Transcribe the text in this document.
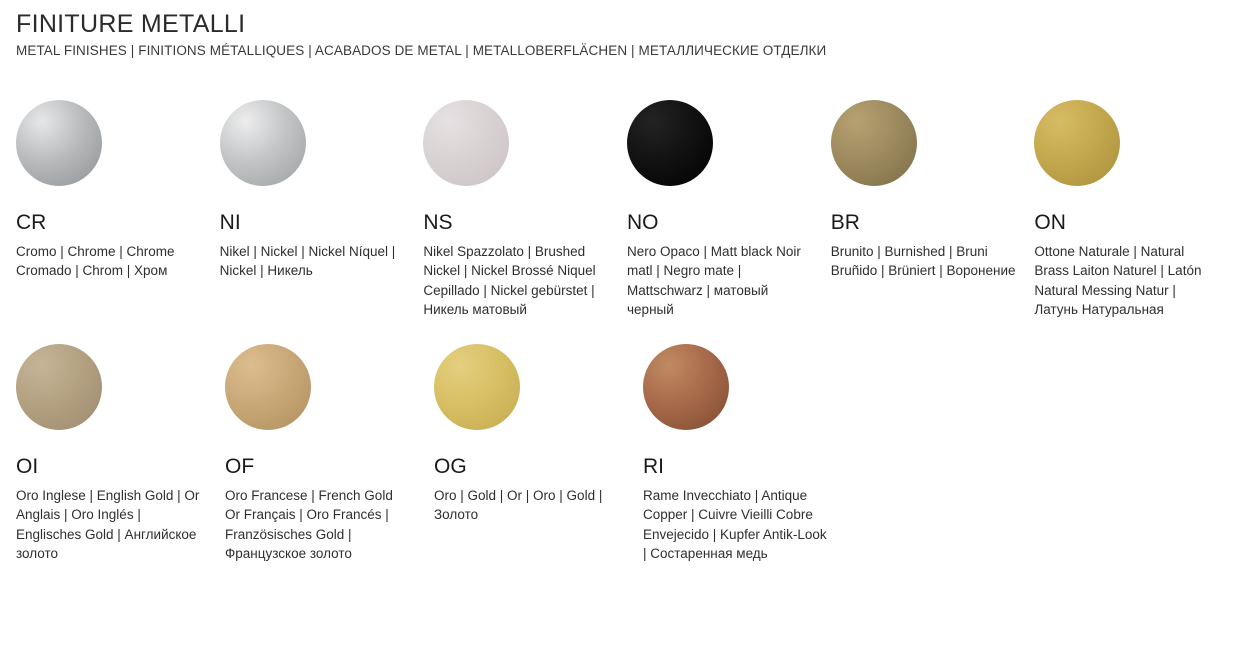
FINITURE METALLI

METAL FINISHES | FINITIONS MÉTALLIQUES | ACABADOS DE METAL | METALLOBERFLÄCHEN | МЕТАЛЛИЧЕСКИЕ ОТДЕЛКИ

CR
Cromo | Chrome | Chrome Cromado | Chrom | Хром
NI
Nikel | Nickel | Nickel Níquel | Nickel | Никель
NS
Nikel Spazzolato | Brushed Nickel | Nickel Brossé Niquel Cepillado | Nickel gebürstet | Никель матовый
NO
Nero Opaco | Matt black Noir matl | Negro mate | Mattschwarz | матовый черный
BR
Brunito | Burnished | Bruni Bruñido | Brüniert | Воронение
ON
Ottone Naturale | Natural Brass Laiton Naturel | Latón Natural Messing Natur | Латунь Натуральная
OI
Oro Inglese | English Gold | Or Anglais | Oro Inglés | Englisches Gold | Английское золото
OF
Oro Francese | French Gold Or Français | Oro Francés | Französisches Gold | Французское золото
OG
Oro | Gold | Or | Oro | Gold | Золото
RI
Rame Invecchiato | Antique Copper | Cuivre Vieilli Cobre Envejecido | Kupfer Antik-Look | Состаренная медь
